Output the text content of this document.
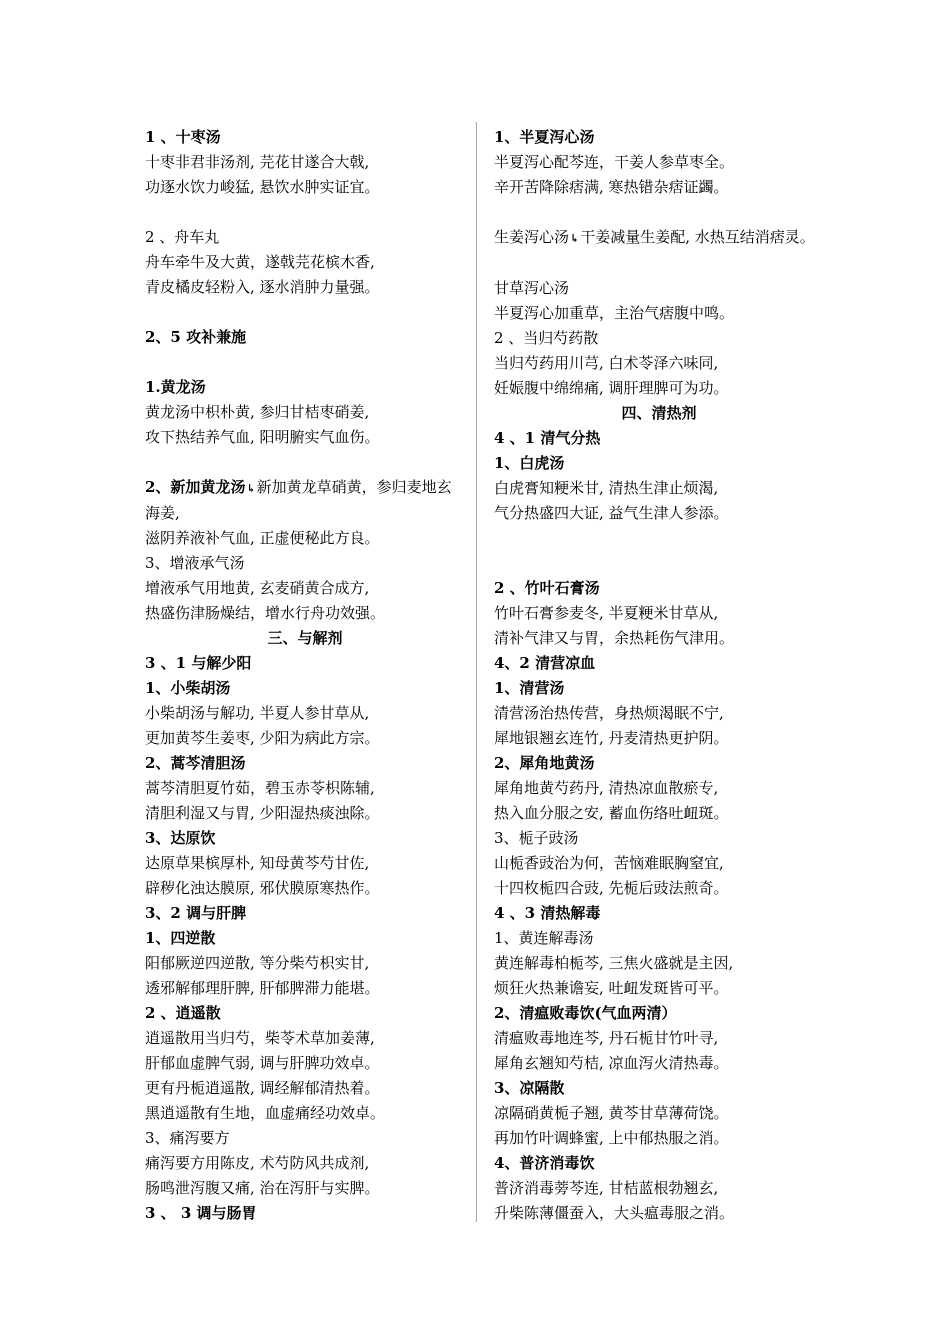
1 、十枣汤
十枣非君非汤剂, 芫花甘遂合大戟,
功逐水饮力峻猛, 悬饮水肿实证宜。
2 、舟车丸
舟车牵牛及大黄，遂戟芫花槟木香,
青皮橘皮轻粉入, 逐水消肿力量强。
2、5 攻补兼施
1.黄龙汤
黄龙汤中枳朴黄, 参归甘桔枣硝姜,
攻下热结养气血, 阳明腑实气血伤。
2、新加黄龙汤↳新加黄龙草硝黄，参归麦地玄海姜,
滋阴养液补气血, 正虚便秘此方良。
3、增液承气汤
增液承气用地黄, 玄麦硝黄合成方,
热盛伤津肠燥结，增水行舟功效强。
三、与解剂
3 、1 与解少阳
1、小柴胡汤
小柴胡汤与解功, 半夏人参甘草从,
更加黄芩生姜枣, 少阳为病此方宗。
2、蒿芩清胆汤
蒿芩清胆夏竹茹，碧玉赤苓枳陈辅,
清胆利湿又与胃, 少阳湿热痰浊除。
3、达原饮
达原草果槟厚朴, 知母黄芩芍甘佐,
辟秽化浊达膜原, 邪伏膜原寒热作。
3、2 调与肝脾
1、四逆散
阳郁厥逆四逆散, 等分柴芍枳实甘,
透邪解郁理肝脾, 肝郁脾滞力能堪。
2 、逍遥散
逍遥散用当归芍，柴苓术草加姜薄,
肝郁血虚脾气弱, 调与肝脾功效卓。
更有丹栀逍遥散, 调经解郁清热着。
黑逍遥散有生地，血虚痛经功效卓。
3、痛泻要方
痛泻要方用陈皮, 术芍防风共成剂,
肠鸣泄泻腹又痛, 治在泻肝与实脾。
3 、 3 调与肠胃
1、半夏泻心汤
半夏泻心配芩连，干姜人参草枣全。
辛开苦降除痞满, 寒热错杂痞证蠲。
生姜泻心汤↳干姜减量生姜配, 水热互结消痞灵。
甘草泻心汤
半夏泻心加重草，主治气痞腹中鸣。
2 、当归芍药散
当归芍药用川芎, 白术苓泽六味同,
妊娠腹中绵绵痛, 调肝理脾可为功。
四、清热剂
4 、1 清气分热
1、白虎汤
白虎膏知粳米甘, 清热生津止烦渴,
气分热盛四大证, 益气生津人参添。
2 、竹叶石膏汤
竹叶石膏参麦冬, 半夏粳米甘草从,
清补气津又与胃，余热耗伤气津用。
4、2 清营凉血
1、清营汤
清营汤治热传营，身热烦渴眠不宁,
犀地银翘玄连竹, 丹麦清热更护阴。
2、犀角地黄汤
犀角地黄芍药丹, 清热凉血散瘀专,
热入血分服之安, 蓄血伤络吐衄斑。
3、栀子豉汤
山栀香豉治为何，苦恼难眠胸窒宜,
十四枚栀四合豉, 先栀后豉法煎奇。
4 、3 清热解毒
1、黄连解毒汤
黄连解毒柏栀芩, 三焦火盛就是主因,
烦狂火热兼谵妄, 吐衄发斑皆可平。
2、清瘟败毒饮(气血两清）
清瘟败毒地连芩, 丹石栀甘竹叶寻,
犀角玄翘知芍桔, 凉血泻火清热毒。
3、凉隔散
凉隔硝黄栀子翘, 黄芩甘草薄荷饶。
再加竹叶调蜂蜜, 上中郁热服之消。
4、普济消毒饮
普济消毒蒡芩连, 甘桔蓝根勃翘玄,
升柴陈薄僵蚕入，大头瘟毒服之消。
